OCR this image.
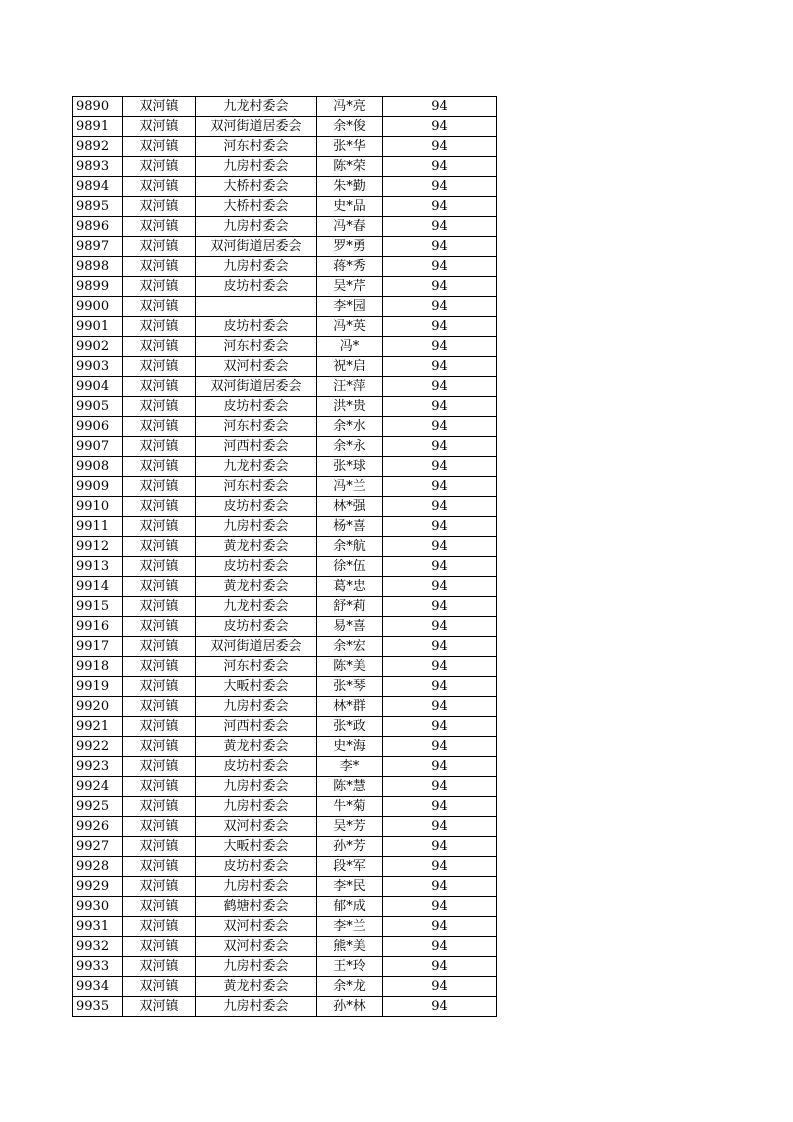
9890	双河镇	九龙村委会	冯*亮	94
9891	双河镇	双河街道居委会	余*俊	94
9892	双河镇	河东村委会	张*华	94
9893	双河镇	九房村委会	陈*荣	94
9894	双河镇	大桥村委会	朱*勤	94
9895	双河镇	大桥村委会	史*品	94
9896	双河镇	九房村委会	冯*春	94
9897	双河镇	双河街道居委会	罗*勇	94
9898	双河镇	九房村委会	蒋*秀	94
9899	双河镇	皮坊村委会	吴*芹	94
9900	双河镇		李*园	94
9901	双河镇	皮坊村委会	冯*英	94
9902	双河镇	河东村委会	冯*	94
9903	双河镇	双河村委会	祝*启	94
9904	双河镇	双河街道居委会	汪*萍	94
9905	双河镇	皮坊村委会	洪*贵	94
9906	双河镇	河东村委会	余*水	94
9907	双河镇	河西村委会	余*永	94
9908	双河镇	九龙村委会	张*球	94
9909	双河镇	河东村委会	冯*兰	94
9910	双河镇	皮坊村委会	林*强	94
9911	双河镇	九房村委会	杨*喜	94
9912	双河镇	黄龙村委会	余*航	94
9913	双河镇	皮坊村委会	徐*伍	94
9914	双河镇	黄龙村委会	葛*忠	94
9915	双河镇	九龙村委会	舒*莉	94
9916	双河镇	皮坊村委会	易*喜	94
9917	双河镇	双河街道居委会	余*宏	94
9918	双河镇	河东村委会	陈*美	94
9919	双河镇	大畈村委会	张*琴	94
9920	双河镇	九房村委会	林*群	94
9921	双河镇	河西村委会	张*政	94
9922	双河镇	黄龙村委会	史*海	94
9923	双河镇	皮坊村委会	李*	94
9924	双河镇	九房村委会	陈*慧	94
9925	双河镇	九房村委会	牛*菊	94
9926	双河镇	双河村委会	吴*芳	94
9927	双河镇	大畈村委会	孙*芳	94
9928	双河镇	皮坊村委会	段*军	94
9929	双河镇	九房村委会	李*民	94
9930	双河镇	鹤塘村委会	郁*成	94
9931	双河镇	双河村委会	李*兰	94
9932	双河镇	双河村委会	熊*美	94
9933	双河镇	九房村委会	王*玲	94
9934	双河镇	黄龙村委会	余*龙	94
9935	双河镇	九房村委会	孙*林	94
